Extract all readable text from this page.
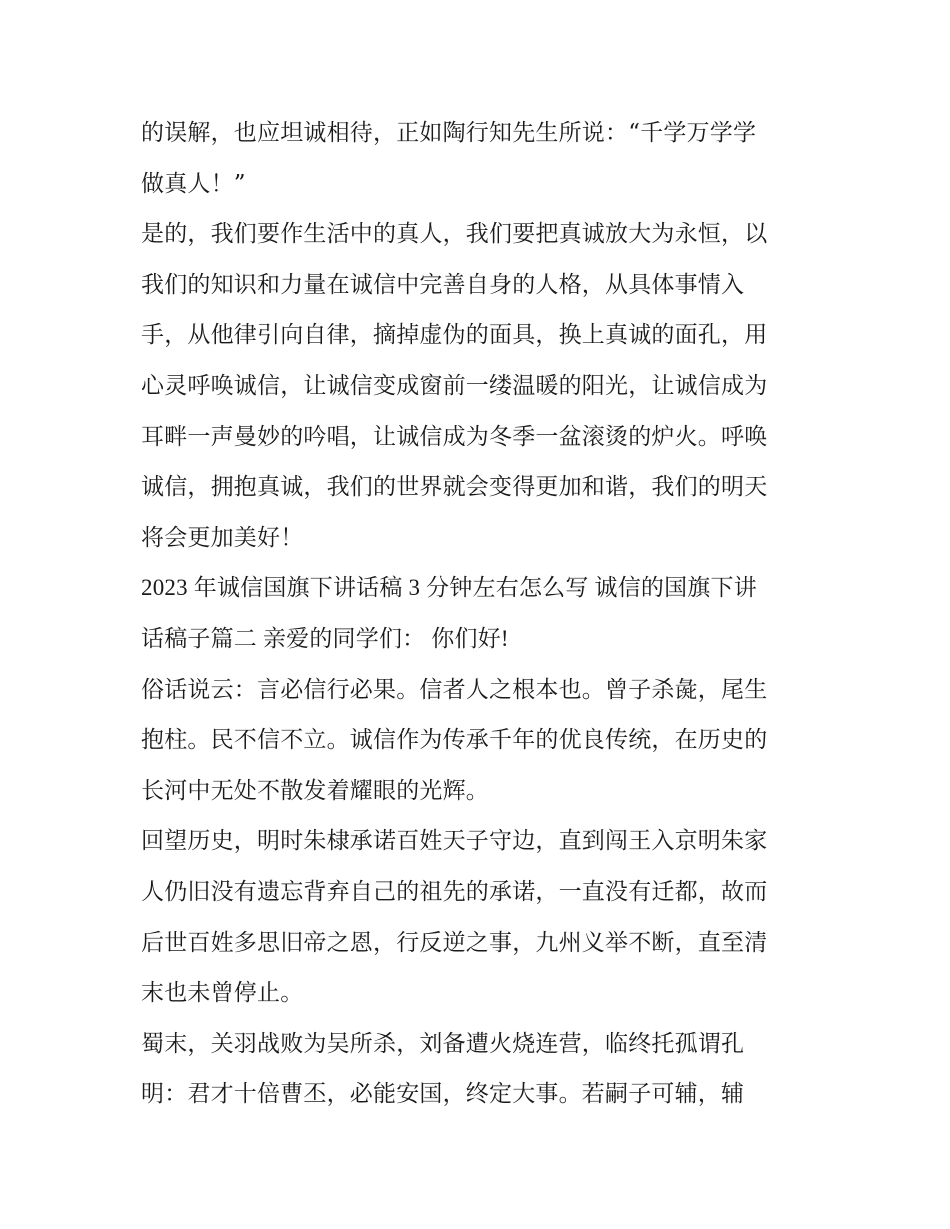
的误解，也应坦诚相待，正如陶行知先生所说：“千学万学学
做真人！”
是的，我们要作生活中的真人，我们要把真诚放大为永恒，以
我们的知识和力量在诚信中完善自身的人格，从具体事情入
手，从他律引向自律，摘掉虚伪的面具，换上真诚的面孔，用
心灵呼唤诚信，让诚信变成窗前一缕温暖的阳光，让诚信成为
耳畔一声曼妙的吟唱，让诚信成为冬季一盆滚烫的炉火。呼唤
诚信，拥抱真诚，我们的世界就会变得更加和谐，我们的明天
将会更加美好！
2023 年诚信国旗下讲话稿 3 分钟左右怎么写 诚信的国旗下讲
话稿子篇二 亲爱的同学们： 你们好!
俗话说云：言必信行必果。信者人之根本也。曾子杀彘，尾生
抱柱。民不信不立。诚信作为传承千年的优良传统，在历史的
长河中无处不散发着耀眼的光辉。
回望历史，明时朱棣承诺百姓天子守边，直到闯王入京明朱家
人仍旧没有遗忘背弃自己的祖先的承诺，一直没有迁都，故而
后世百姓多思旧帝之恩，行反逆之事，九州义举不断，直至清
末也未曾停止。
蜀末，关羽战败为吴所杀，刘备遭火烧连营，临终托孤谓孔
明：君才十倍曹丕，必能安国，终定大事。若嗣子可辅，辅
